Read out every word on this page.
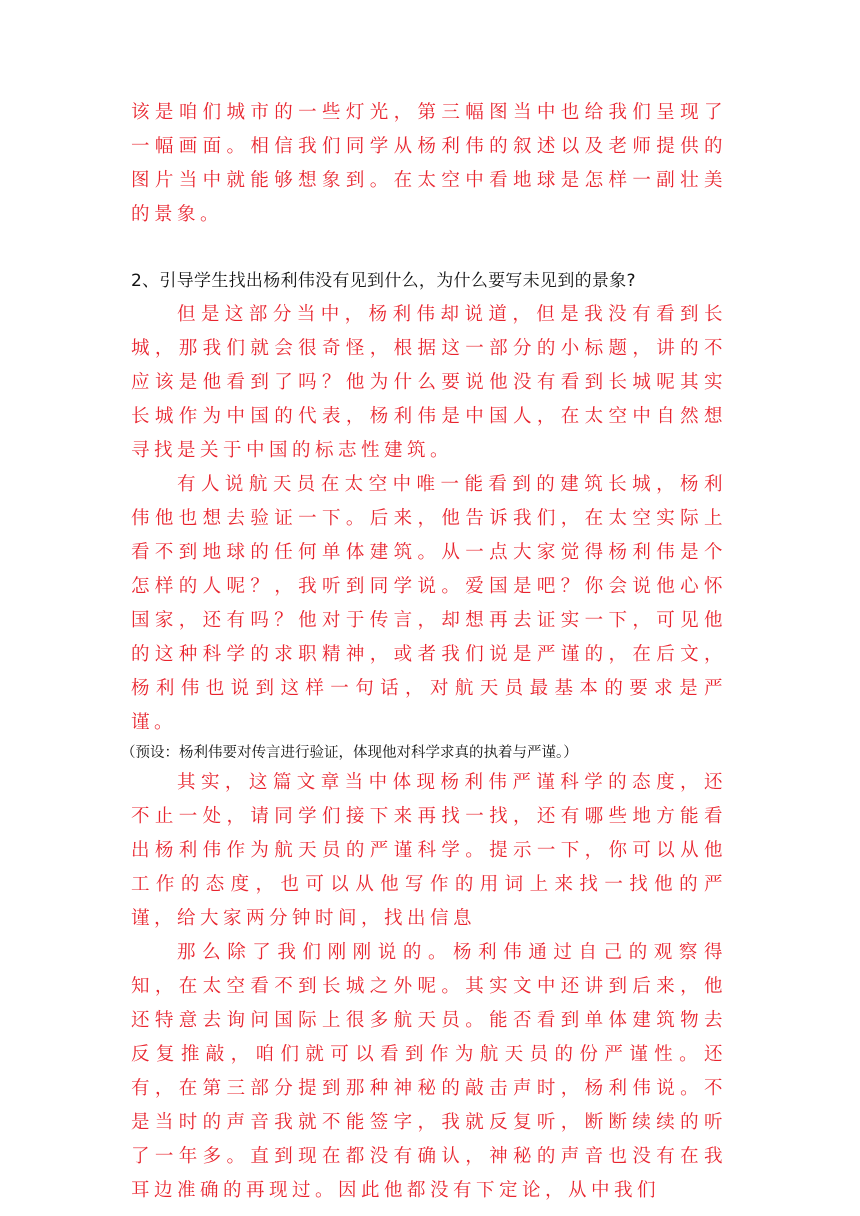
该是咱们城市的一些灯光，第三幅图当中也给我们呈现了一幅画面。相信我们同学从杨利伟的叙述以及老师提供的图片当中就能够想象到。在太空中看地球是怎样一副壮美的景象。

2、引导学生找出杨利伟没有见到什么，为什么要写未见到的景象?

但是这部分当中，杨利伟却说道，但是我没有看到长城，那我们就会很奇怪，根据这一部分的小标题，讲的不应该是他看到了吗？他为什么要说他没有看到长城呢其实长城作为中国的代表，杨利伟是中国人，在太空中自然想寻找是关于中国的标志性建筑。

有人说航天员在太空中唯一能看到的建筑长城，杨利伟他也想去验证一下。后来，他告诉我们，在太空实际上看不到地球的任何单体建筑。从一点大家觉得杨利伟是个怎样的人呢？，我听到同学说。爱国是吧？你会说他心怀国家，还有吗？他对于传言，却想再去证实一下，可见他的这种科学的求职精神，或者我们说是严谨的，在后文，杨利伟也说到这样一句话，对航天员最基本的要求是严谨。

（预设：杨利伟要对传言进行验证，体现他对科学求真的执着与严谨。）

其实，这篇文章当中体现杨利伟严谨科学的态度，还不止一处，请同学们接下来再找一找，还有哪些地方能看出杨利伟作为航天员的严谨科学。提示一下，你可以从他工作的态度，也可以从他写作的用词上来找一找他的严谨，给大家两分钟时间，找出信息

那么除了我们刚刚说的。杨利伟通过自己的观察得知，在太空看不到长城之外呢。其实文中还讲到后来，他还特意去询问国际上很多航天员。能否看到单体建筑物去反复推敲，咱们就可以看到作为航天员的份严谨性。还有，在第三部分提到那种神秘的敲击声时，杨利伟说。不是当时的声音我就不能签字，我就反复听，断断续续的听了一年多。直到现在都没有确认，神秘的声音也没有在我耳边准确的再现过。因此他都没有下定论，从中我们
